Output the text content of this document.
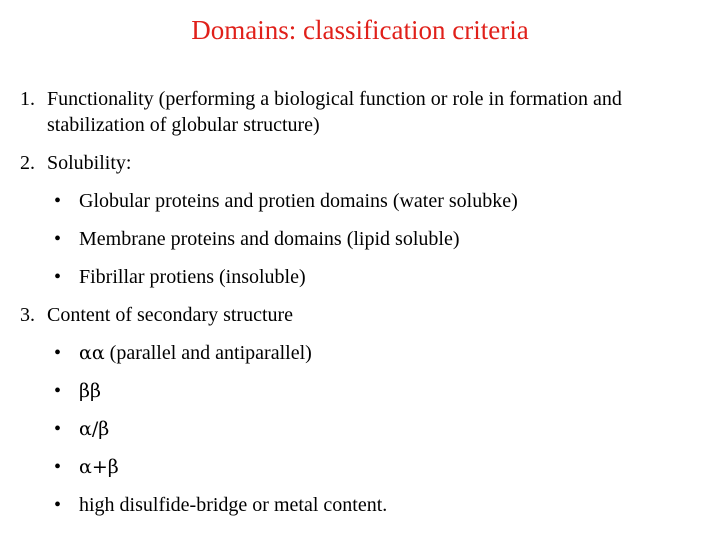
Domains: classification criteria
1. Functionality (performing a biological function or role in formation and stabilization of globular structure)
2. Solubility:
• Globular proteins and protien domains (water solubke)
• Membrane proteins and domains (lipid soluble)
• Fibrillar protiens (insoluble)
3. Content of secondary structure
• αα (parallel and antiparallel)
• ββ
• α/β
• α+β
• high disulfide-bridge or metal content.
